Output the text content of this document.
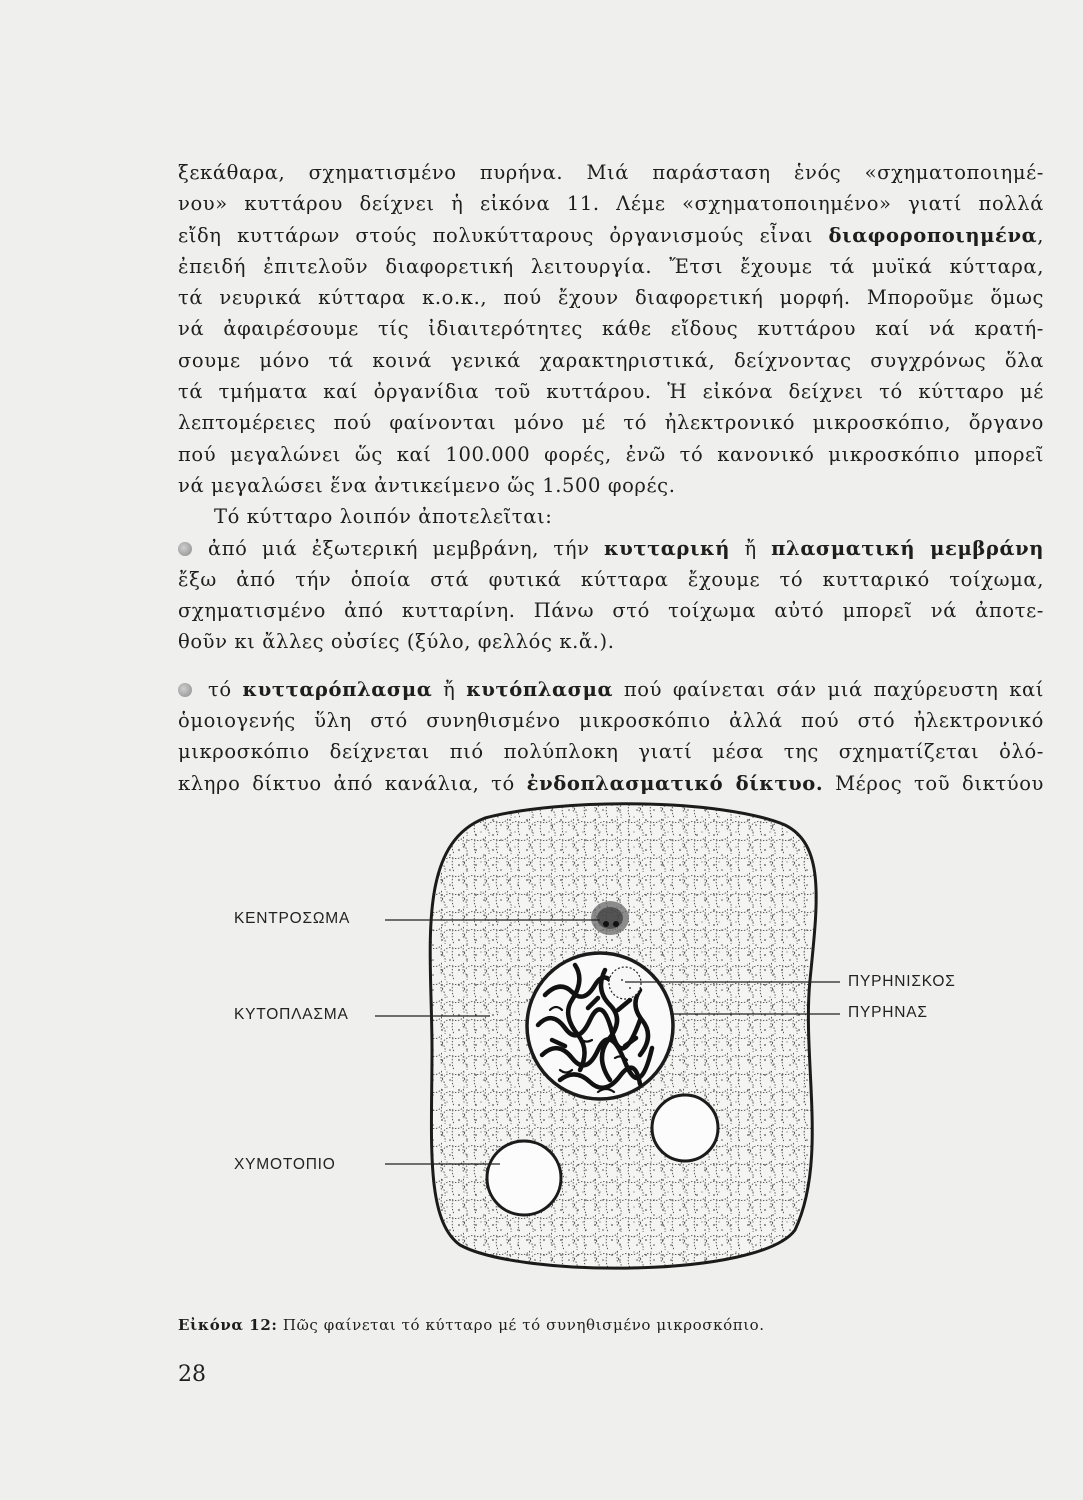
ξεκάθαρα, σχηματισμένο πυρήνα. Μιά παράσταση ἑνός «σχηματοποιημέ-
νου» κυττάρου δείχνει ἡ εἰκόνα 11. Λέμε «σχηματοποιημένο» γιατί πολλά
εἴδη κυττάρων στούς πολυκύτταρους ὀργανισμούς εἶναι διαφοροποιημένα,
ἐπειδή ἐπιτελοῦν διαφορετική λειτουργία. Ἔτσι ἔχουμε τά μυϊκά κύτταρα,
τά νευρικά κύτταρα κ.ο.κ., πού ἔχουν διαφορετική μορφή. Μποροῦμε ὅμως
νά ἀφαιρέσουμε τίς ἰδιαιτερότητες κάθε εἴδους κυττάρου καί νά κρατή-
σουμε μόνο τά κοινά γενικά χαρακτηριστικά, δείχνοντας συγχρόνως ὅλα
τά τμήματα καί ὀργανίδια τοῦ κυττάρου. Ἡ εἰκόνα δείχνει τό κύτταρο μέ
λεπτομέρειες πού φαίνονται μόνο μέ τό ἠλεκτρονικό μικροσκόπιο, ὄργανο
πού μεγαλώνει ὥς καί 100.000 φορές, ἐνῶ τό κανονικό μικροσκόπιο μπορεῖ
νά μεγαλώσει ἕνα ἀντικείμενο ὥς 1.500 φορές.
Τό κύτταρο λοιπόν ἀποτελεῖται:
ἀπό μιά ἐξωτερική μεμβράνη, τήν κυτταρική ἤ πλασματική μεμβράνη
ἔξω ἀπό τήν ὁποία στά φυτικά κύτταρα ἔχουμε τό κυτταρικό τοίχωμα,
σχηματισμένο ἀπό κυτταρίνη. Πάνω στό τοίχωμα αὐτό μπορεῖ νά ἀποτε-
θοῦν κι ἄλλες οὐσίες (ξύλο, φελλός κ.ἄ.).
τό κυτταρόπλασμα ἤ κυτόπλασμα πού φαίνεται σάν μιά παχύρευστη καί
ὁμοιογενής ὕλη στό συνηθισμένο μικροσκόπιο ἀλλά πού στό ἠλεκτρονικό
μικροσκόπιο δείχνεται πιό πολύπλοκη γιατί μέσα της σχηματίζεται ὁλό-
κληρο δίκτυο ἀπό κανάλια, τό ἐνδοπλασματικό δίκτυο. Μέρος τοῦ δικτύου
ΚΕΝΤΡΟΣΩΜΑ
ΚΥΤΟΠΛΑΣΜΑ
ΧΥΜΟΤΟΠΙΟ
ΠΥΡΗΝΙΣΚΟΣ
ΠΥΡΗΝΑΣ
Εἰκόνα 12: Πῶς φαίνεται τό κύτταρο μέ τό συνηθισμένο μικροσκόπιο.
28
